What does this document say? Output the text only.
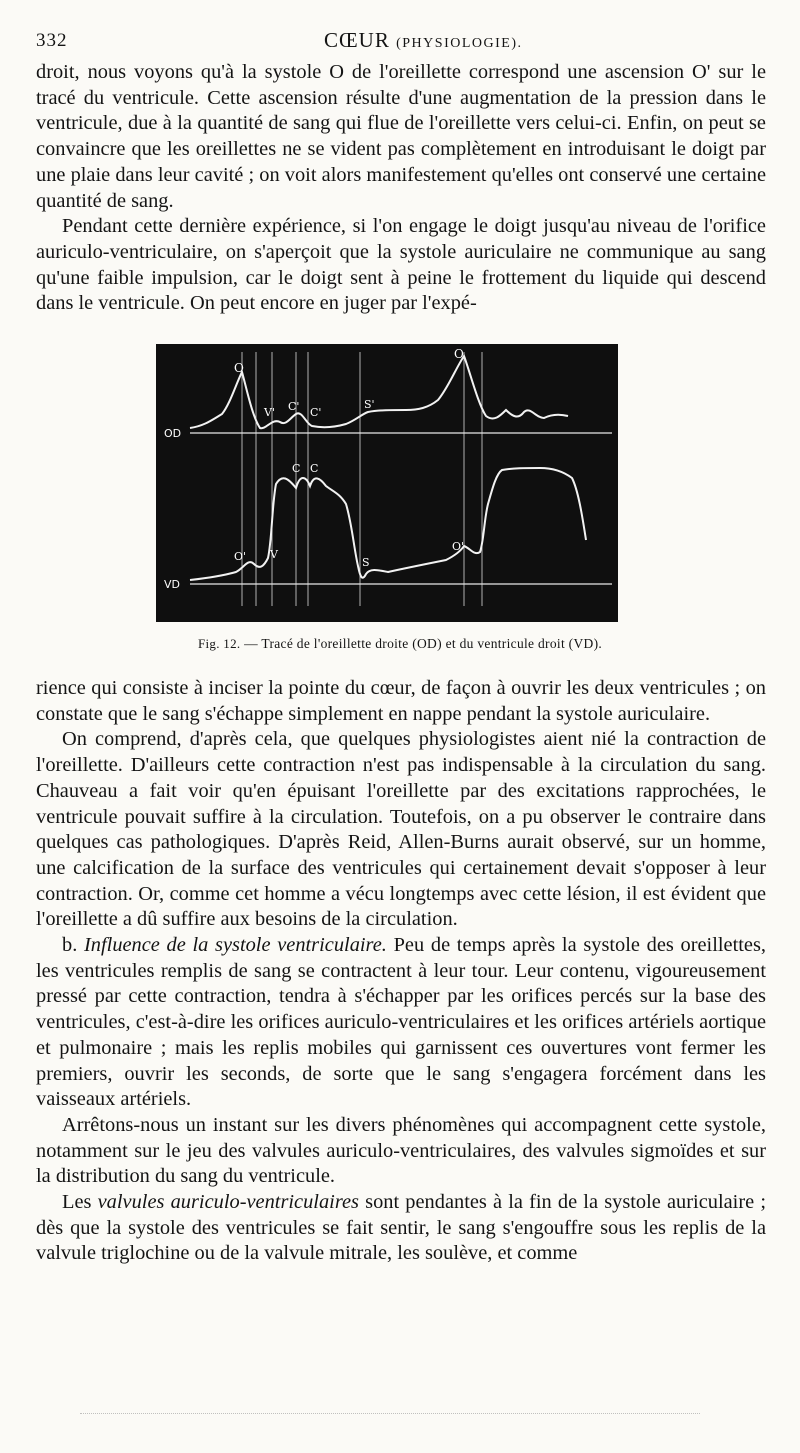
332	CŒUR (PHYSIOLOGIE).

droit, nous voyons qu'à la systole O de l'oreillette correspond une ascension O' sur le tracé du ventricule. Cette ascension résulte d'une augmentation de la pression dans le ventricule, due à la quantité de sang qui flue de l'oreillette vers celui-ci. Enfin, on peut se convaincre que les oreillettes ne se vident pas complètement en introduisant le doigt par une plaie dans leur cavité ; on voit alors manifestement qu'elles ont conservé une certaine quantité de sang.

Pendant cette dernière expérience, si l'on engage le doigt jusqu'au niveau de l'orifice auriculo-ventriculaire, on s'aperçoit que la systole auriculaire ne communique au sang qu'une faible impulsion, car le doigt sent à peine le frottement du liquide qui descend dans le ventricule. On peut encore en juger par l'expé-

OD
O
V' C' C'
S'
O
VD
C C
O' V
S
O'
Fig. 12. — Tracé de l'oreillette droite (OD) et du ventricule droit (VD).

rience qui consiste à inciser la pointe du cœur, de façon à ouvrir les deux ventricules ; on constate que le sang s'échappe simplement en nappe pendant la systole auriculaire.

On comprend, d'après cela, que quelques physiologistes aient nié la contraction de l'oreillette. D'ailleurs cette contraction n'est pas indispensable à la circulation du sang. Chauveau a fait voir qu'en épuisant l'oreillette par des excitations rapprochées, le ventricule pouvait suffire à la circulation. Toutefois, on a pu observer le contraire dans quelques cas pathologiques. D'après Reid, Allen-Burns aurait observé, sur un homme, une calcification de la surface des ventricules qui certainement devait s'opposer à leur contraction. Or, comme cet homme a vécu longtemps avec cette lésion, il est évident que l'oreillette a dû suffire aux besoins de la circulation.

b. Influence de la systole ventriculaire. Peu de temps après la systole des oreillettes, les ventricules remplis de sang se contractent à leur tour. Leur contenu, vigoureusement pressé par cette contraction, tendra à s'échapper par les orifices percés sur la base des ventricules, c'est-à-dire les orifices auriculo-ventriculaires et les orifices artériels aortique et pulmonaire ; mais les replis mobiles qui garnissent ces ouvertures vont fermer les premiers, ouvrir les seconds, de sorte que le sang s'engagera forcément dans les vaisseaux artériels.

Arrêtons-nous un instant sur les divers phénomènes qui accompagnent cette systole, notamment sur le jeu des valvules auriculo-ventriculaires, des valvules sigmoïdes et sur la distribution du sang du ventricule.

Les valvules auriculo-ventriculaires sont pendantes à la fin de la systole auriculaire ; dès que la systole des ventricules se fait sentir, le sang s'engouffre sous les replis de la valvule triglochine ou de la valvule mitrale, les soulève, et comme
